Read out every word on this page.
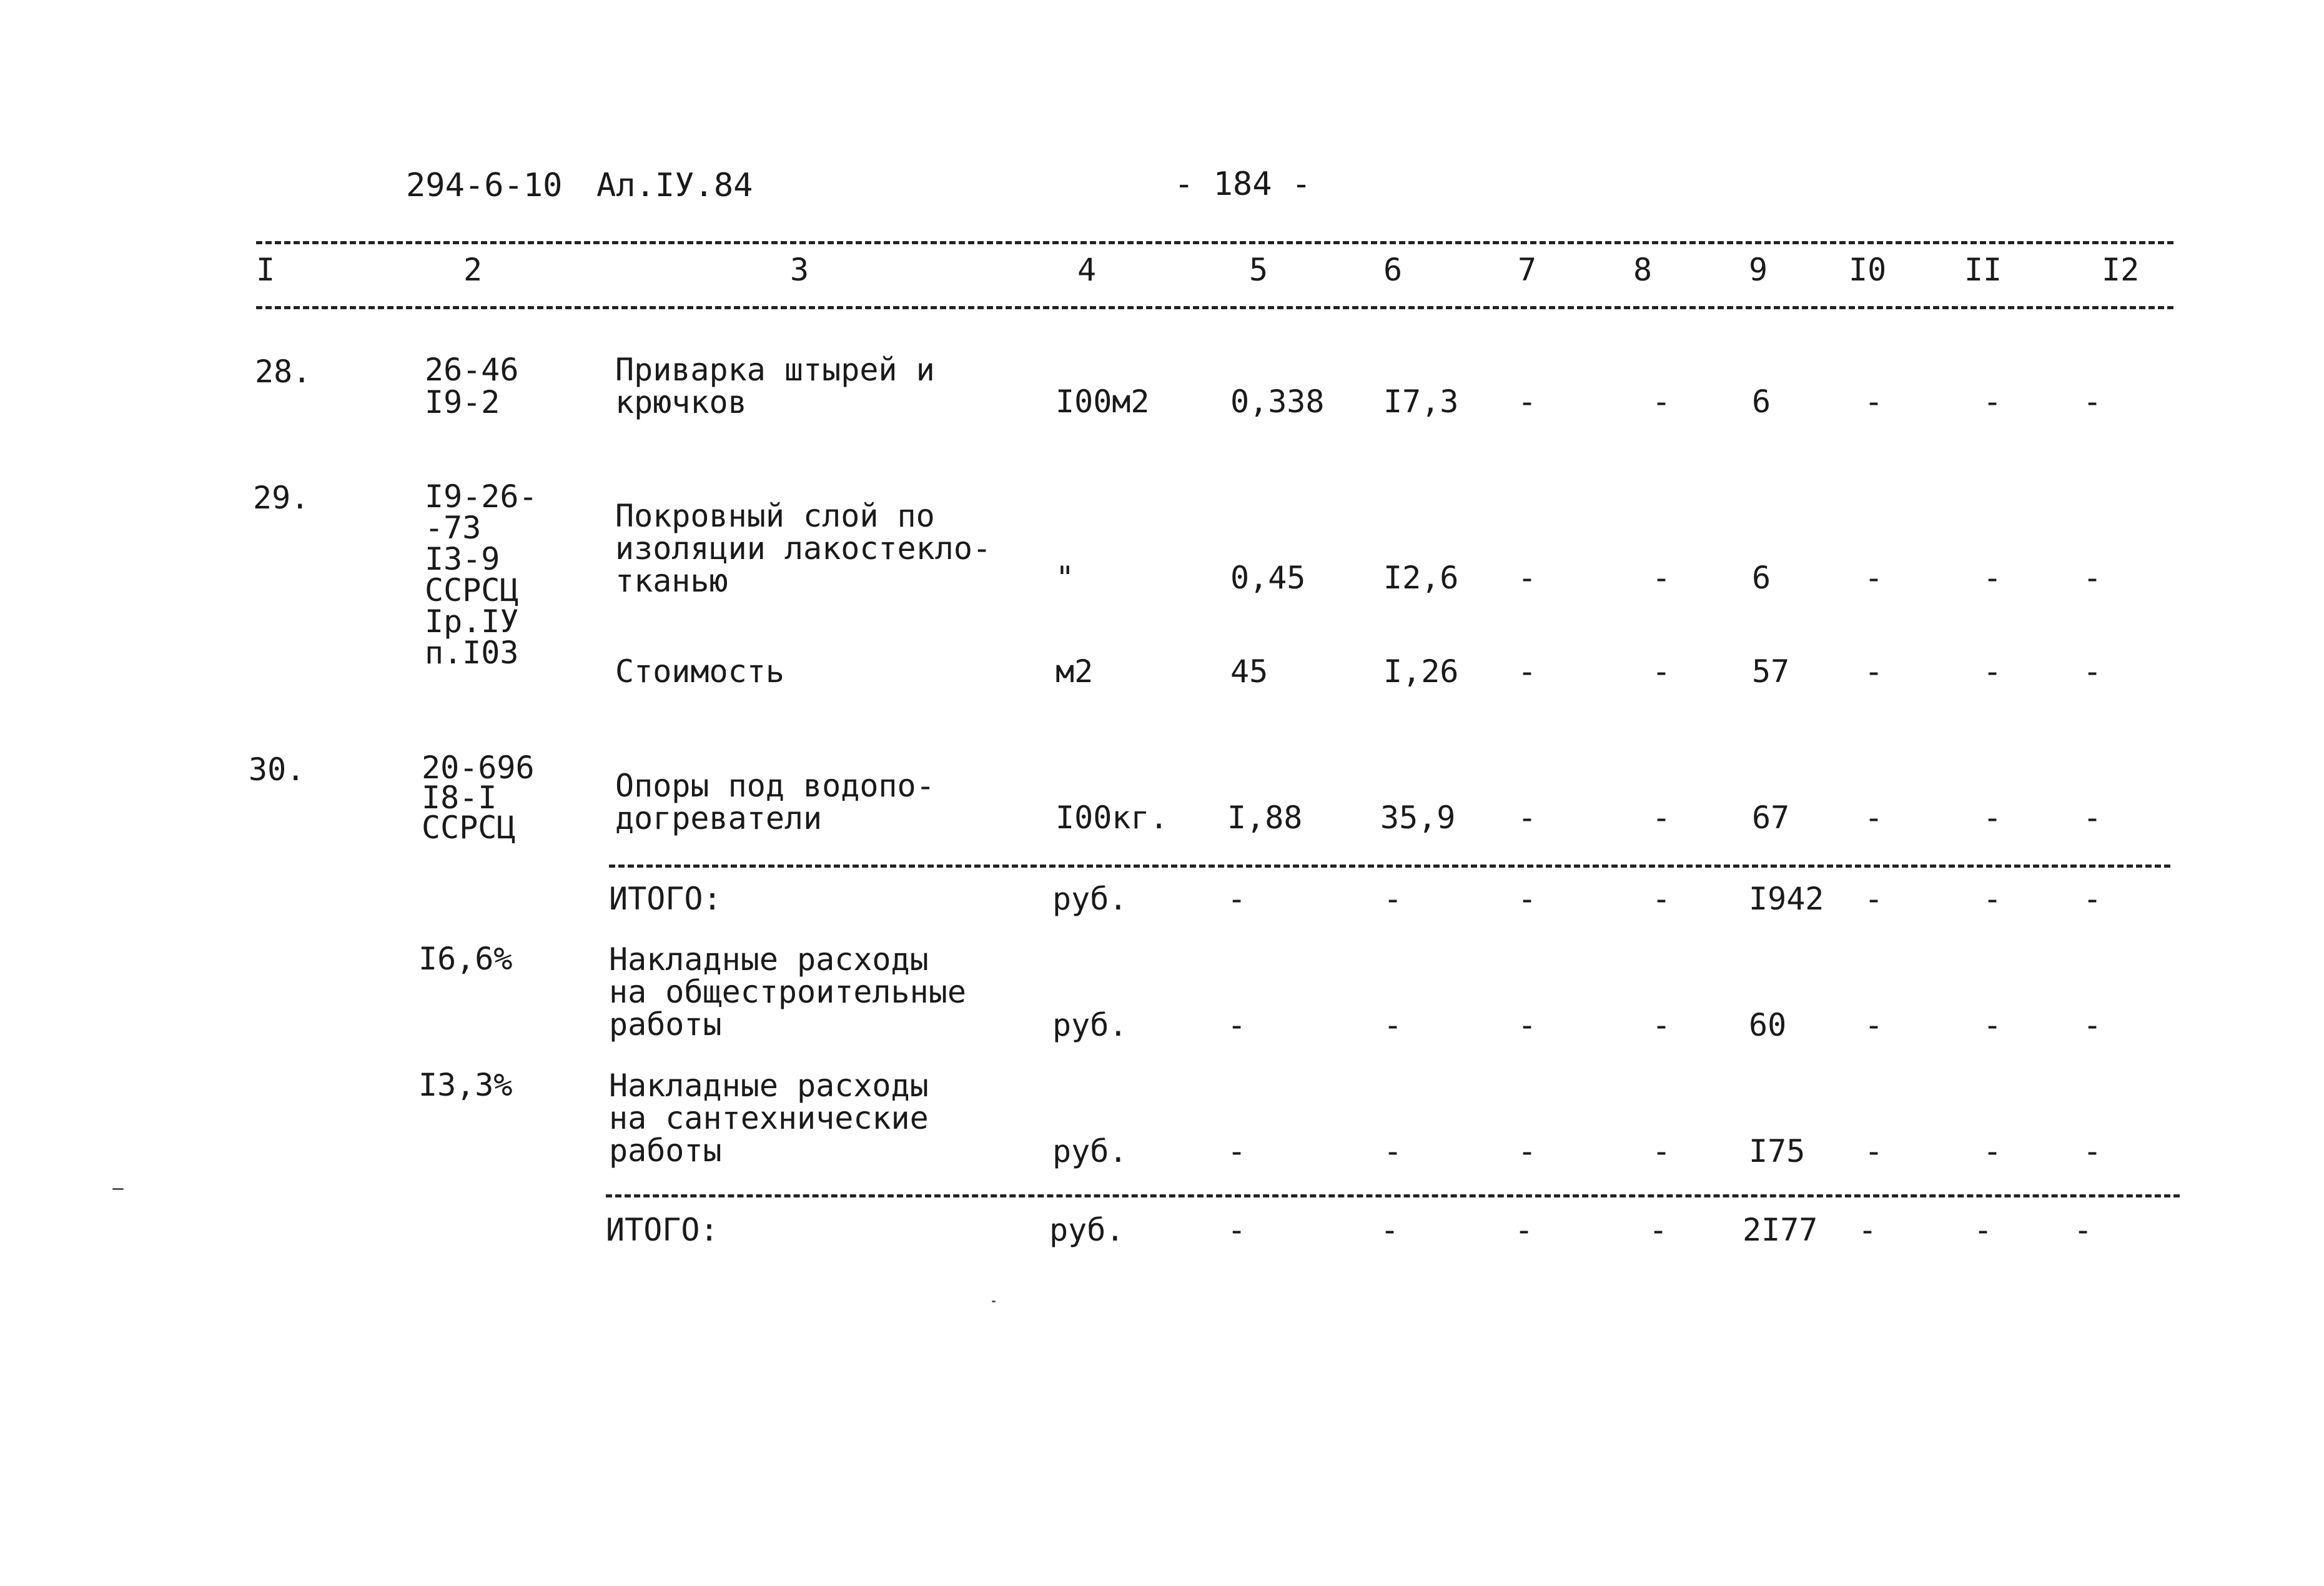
294-6-10 Ал.IУ.84	- 184 -
I	2	3	4	5	6	7	8	9	I0 II	I2
28.	26-46
I9-2
Приварка штырей и
крючков	I00м2	0,338 I7,3 -	-	6	-	-	-
29.	I9-26-
-73
I3-9
ССРСЦ
Iр.IУ
п.I03
Покровный слой по
изоляции лакостекло-
тканью	"	0,45 I2,6 -	-	6	-	-	-
Стоимость	м2	45	I,26 -	-	57 -	-	-
30.	20-696
I8-I
ССРСЦ
Опоры под водопо-
догреватели	I00кг. I,88 35,9 -	-	67 -	-	-
ИТОГО:	руб.	-	-	-	- I942 -	-	-
I6,6%	Накладные расходы
на общестроительные
работы	руб.	-	-	-	- 60 -	-	-
I3,3%	Накладные расходы
на сантехнические
работы	руб.	-	-	-	- I75 -	-	-
ИТОГО:	руб.	-	-	-	- 2I77 -	-	-
